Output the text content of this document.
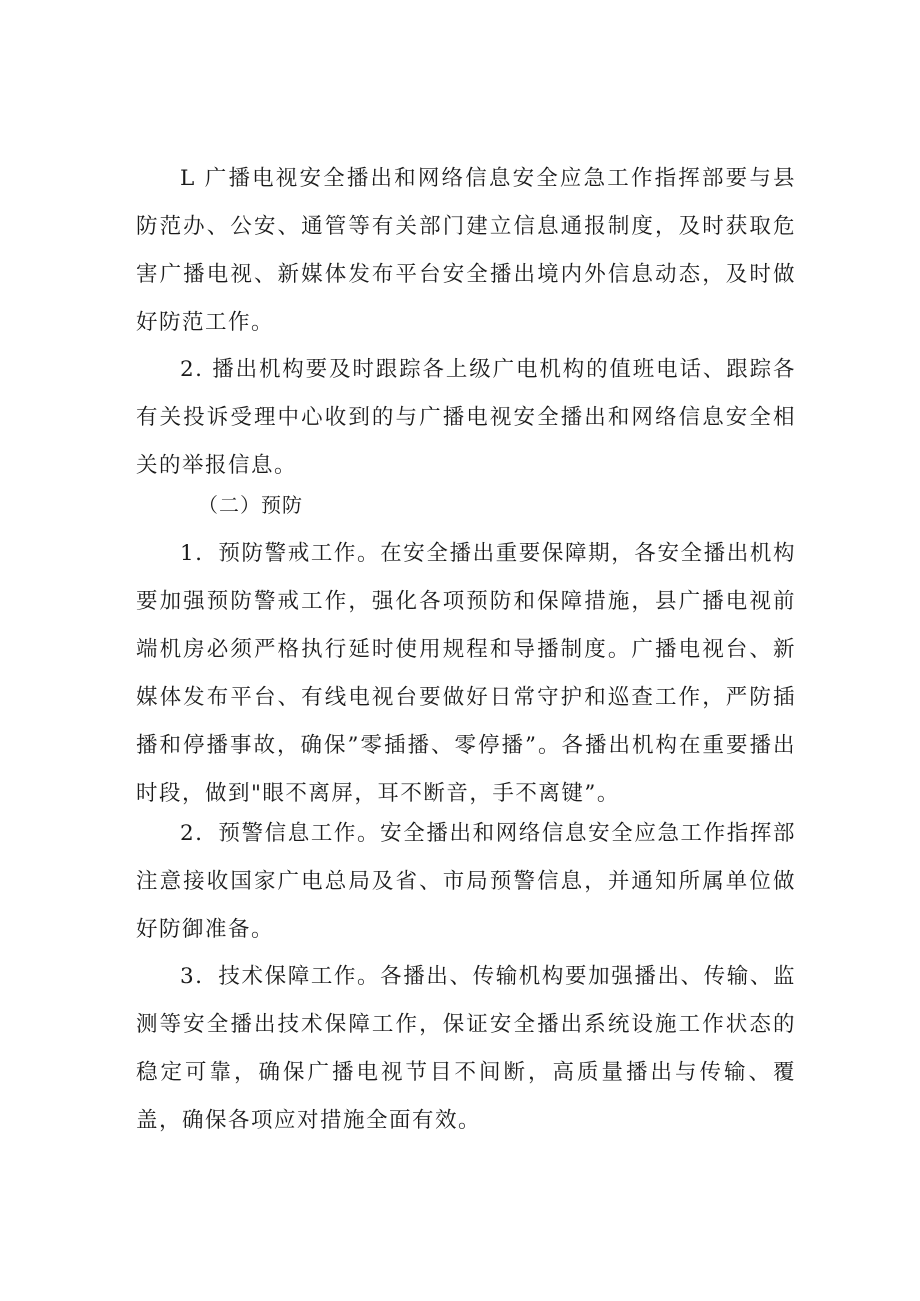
L 广播电视安全播出和网络信息安全应急工作指挥部要与县防范办、公安、通管等有关部门建立信息通报制度，及时获取危害广播电视、新媒体发布平台安全播出境内外信息动态，及时做好防范工作。

2. 播出机构要及时跟踪各上级广电机构的值班电话、跟踪各有关投诉受理中心收到的与广播电视安全播出和网络信息安全相关的举报信息。

（二）预防

1．预防警戒工作。在安全播出重要保障期，各安全播出机构要加强预防警戒工作，强化各项预防和保障措施，县广播电视前端机房必须严格执行延时使用规程和导播制度。广播电视台、新媒体发布平台、有线电视台要做好日常守护和巡查工作，严防插播和停播事故，确保”零插播、零停播”。各播出机构在重要播出时段，做到"眼不离屏，耳不断音，手不离键”。

2．预警信息工作。安全播出和网络信息安全应急工作指挥部注意接收国家广电总局及省、市局预警信息，并通知所属单位做好防御准备。

3．技术保障工作。各播出、传输机构要加强播出、传输、监测等安全播出技术保障工作，保证安全播出系统设施工作状态的稳定可靠，确保广播电视节目不间断，高质量播出与传输、覆盖，确保各项应对措施全面有效。
